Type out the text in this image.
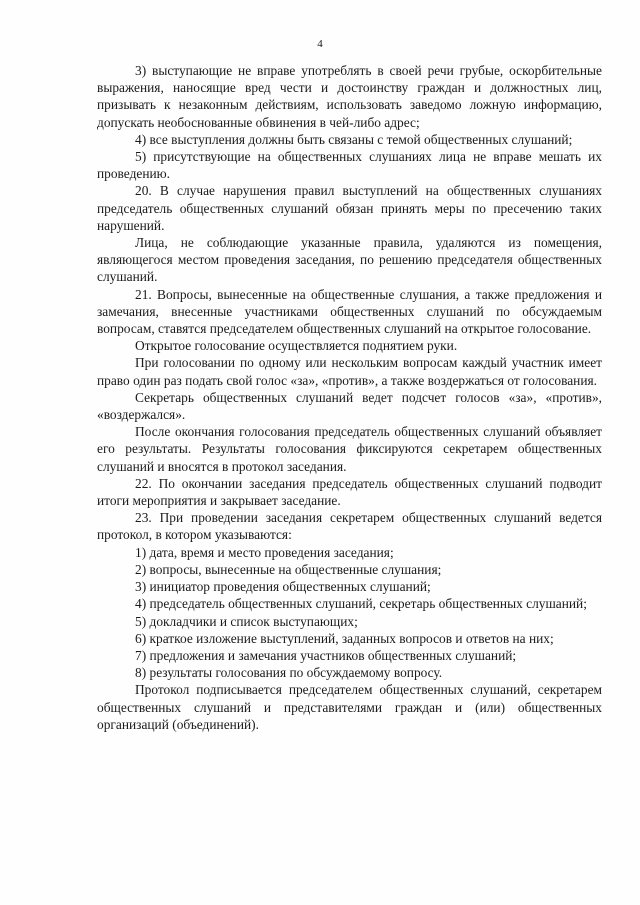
4

3) выступающие не вправе употреблять в своей речи грубые, оскорбительные выражения, наносящие вред чести и достоинству граждан и должностных лиц, призывать к незаконным действиям, использовать заведомо ложную информацию, допускать необоснованные обвинения в чей-либо адрес;

4) все выступления должны быть связаны с темой общественных слушаний;

5) присутствующие на общественных слушаниях лица не вправе мешать их проведению.

20. В случае нарушения правил выступлений на общественных слушаниях председатель общественных слушаний обязан принять меры по пресечению таких нарушений.

Лица, не соблюдающие указанные правила, удаляются из помещения, являющегося местом проведения заседания, по решению председателя общественных слушаний.

21. Вопросы, вынесенные на общественные слушания, а также предложения и замечания, внесенные участниками общественных слушаний по обсуждаемым вопросам, ставятся председателем общественных слушаний на открытое голосование.

Открытое голосование осуществляется поднятием руки.

При голосовании по одному или нескольким вопросам каждый участник имеет право один раз подать свой голос «за», «против», а также воздержаться от голосования.

Секретарь общественных слушаний ведет подсчет голосов «за», «против», «воздержался».

После окончания голосования председатель общественных слушаний объявляет его результаты. Результаты голосования фиксируются секретарем общественных слушаний и вносятся в протокол заседания.

22. По окончании заседания председатель общественных слушаний подводит итоги мероприятия и закрывает заседание.

23. При проведении заседания секретарем общественных слушаний ведется протокол, в котором указываются:

1) дата, время и место проведения заседания;

2) вопросы, вынесенные на общественные слушания;

3) инициатор проведения общественных слушаний;

4) председатель общественных слушаний, секретарь общественных слушаний;

5) докладчики и список выступающих;

6) краткое изложение выступлений, заданных вопросов и ответов на них;

7) предложения и замечания участников общественных слушаний;

8) результаты голосования по обсуждаемому вопросу.

Протокол подписывается председателем общественных слушаний, секретарем общественных слушаний и представителями граждан и (или) общественных организаций (объединений).
